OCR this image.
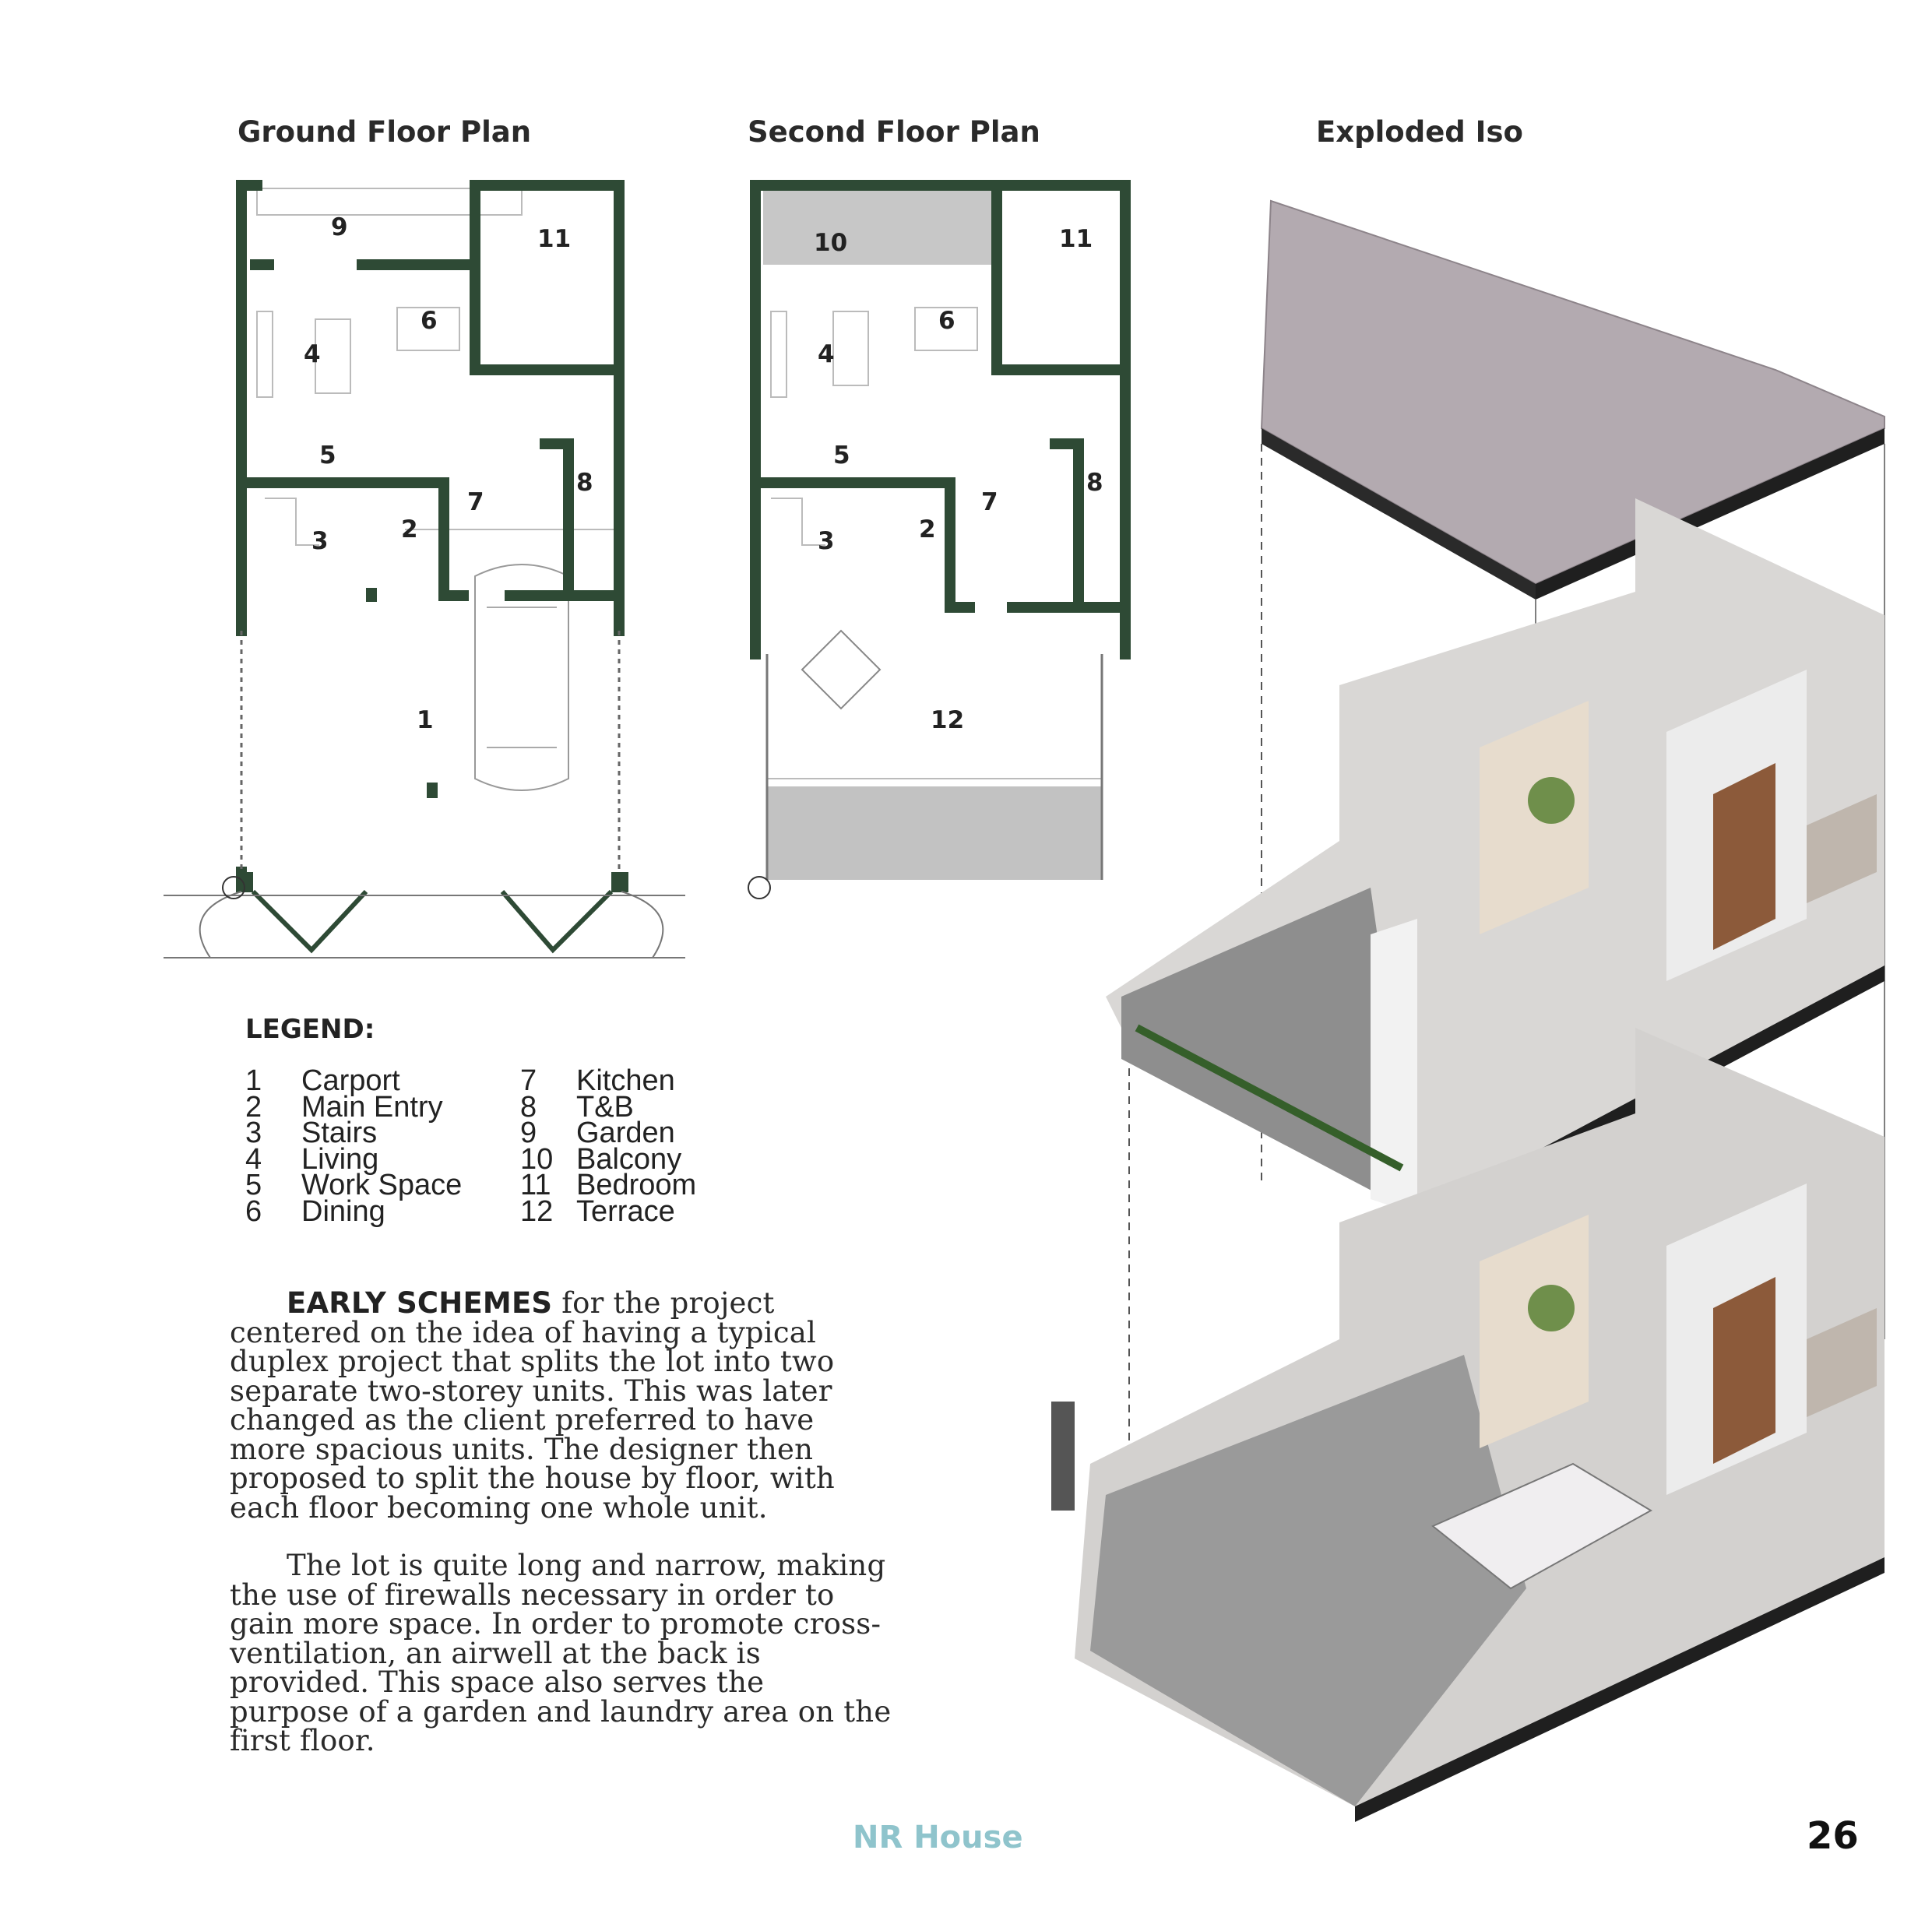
Ground Floor Plan	Second Floor Plan	Exploded Iso
9	11
6
4
5
8
7
2
3
1
10	11
6
4
5
8
7
2
3
12
LEGEND:
1	Carport
2	Main Entry
3	Stairs
4	Living
5	Work Space
6	Dining
7	Kitchen
8	T&B
9	Garden
10 Balcony
11 Bedroom
12 Terrace

EARLY SCHEMES for the project centered on the idea of having a typical duplex project that splits the lot into two separate two-storey units. This was later changed as the client preferred to have more spacious units. The designer then proposed to split the house by floor, with each floor becoming one whole unit.

The lot is quite long and narrow, making the use of firewalls necessary in order to gain more space. In order to promote cross-ventilation, an airwell at the back is provided. This space also serves the purpose of a garden and laundry area on the first floor.

NR House	26
